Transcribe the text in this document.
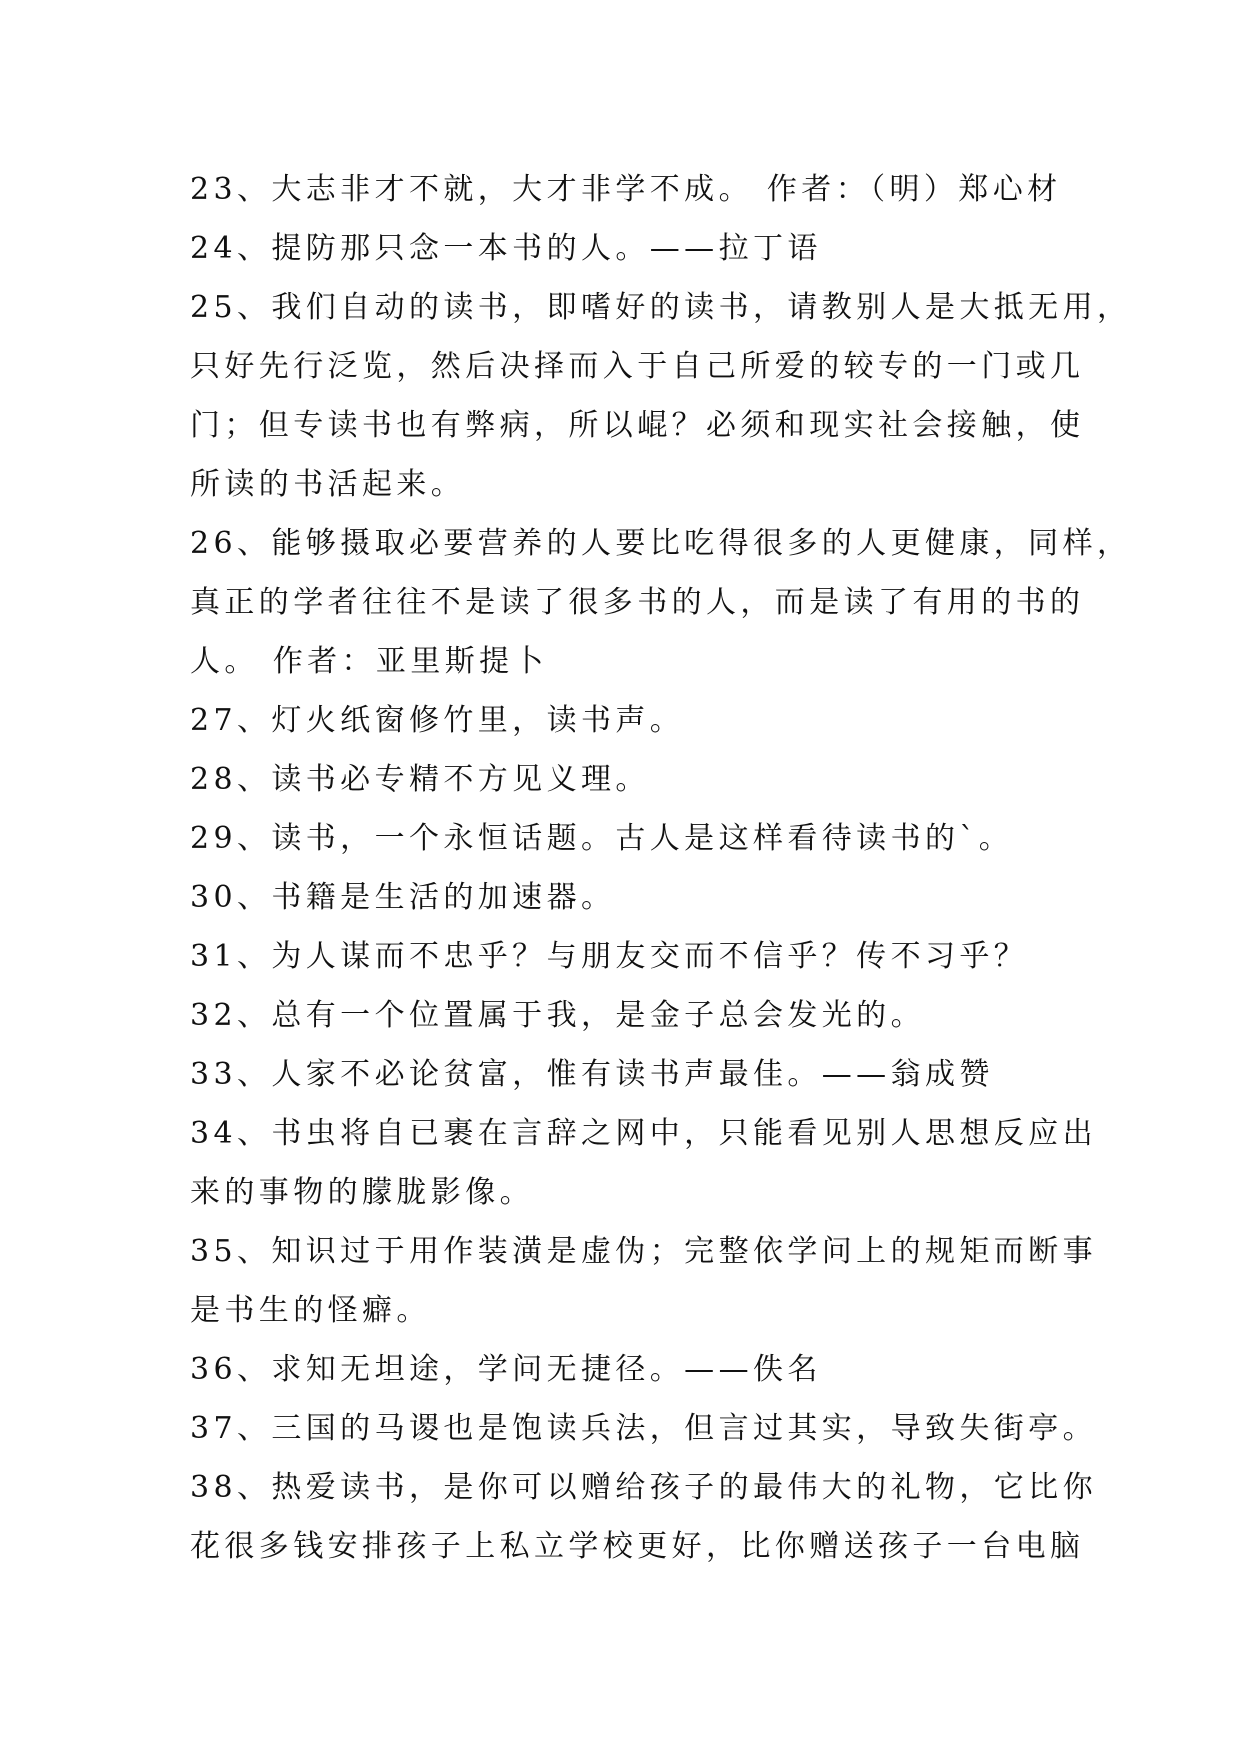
23、大志非才不就，大才非学不成。 作者：（明）郑心材
24、提防那只念一本书的人。——拉丁语
25、我们自动的读书，即嗜好的读书，请教别人是大抵无用，
只好先行泛览，然后决择而入于自己所爱的较专的一门或几
门；但专读书也有弊病，所以崐？必须和现实社会接触，使
所读的书活起来。
26、能够摄取必要营养的人要比吃得很多的人更健康，同样，
真正的学者往往不是读了很多书的人，而是读了有用的书的
人。 作者：亚里斯提卜
27、灯火纸窗修竹里，读书声。
28、读书必专精不方见义理。
29、读书，一个永恒话题。古人是这样看待读书的`。
30、书籍是生活的加速器。
31、为人谋而不忠乎？与朋友交而不信乎？传不习乎？
32、总有一个位置属于我，是金子总会发光的。
33、人家不必论贫富，惟有读书声最佳。——翁成赞
34、书虫将自已裹在言辞之网中，只能看见别人思想反应出
来的事物的朦胧影像。
35、知识过于用作装潢是虚伪；完整依学问上的规矩而断事
是书生的怪癖。
36、求知无坦途，学问无捷径。——佚名
37、三国的马谡也是饱读兵法，但言过其实，导致失街亭。
38、热爱读书，是你可以赠给孩子的最伟大的礼物，它比你
花很多钱安排孩子上私立学校更好，比你赠送孩子一台电脑
